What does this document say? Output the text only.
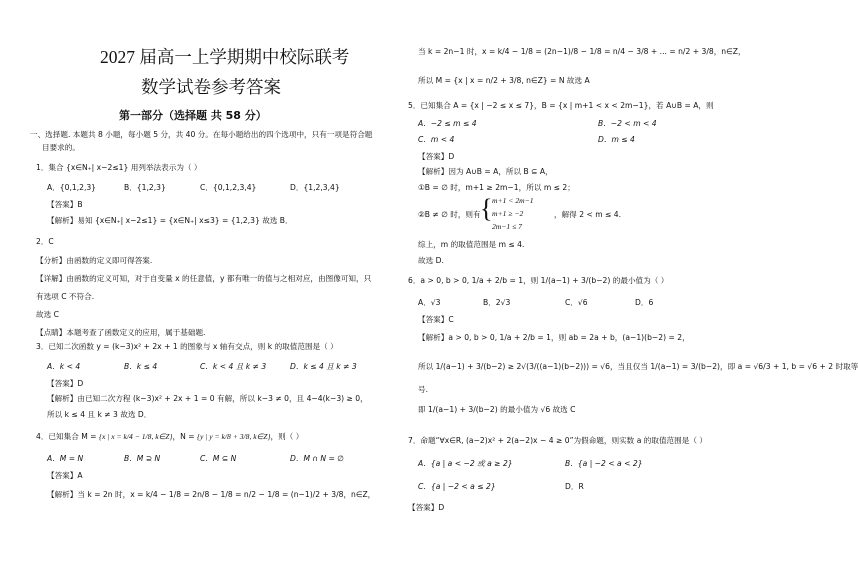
2027 届高一上学期期中校际联考
数学试卷参考答案
第一部分（选择题 共 58 分）
一、选择题. 本题共 8 小题，每小题 5 分，共 40 分。在每小题给出的四个选项中，只有一项是符合题
目要求的。
1．集合 {x∈N₊| x−2≤1} 用列举法表示为（ ）
A．{0,1,2,3}	B．{1,2,3}	C．{0,1,2,3,4}	D．{1,2,3,4}
【答案】B
【解析】易知 {x∈N₊| x−2≤1} = {x∈N₊| x≤3} = {1,2,3} 故选 B．
2．C
【分析】由函数的定义即可得答案.
【详解】由函数的定义可知，对于自变量 x 的任意值，y 都有唯一的值与之相对应，由图像可知，只
有选项 C 不符合.
故选 C
【点睛】本题考查了函数定义的应用，属于基础题.
3．已知二次函数 y = (k−3)x² + 2x + 1 的图象与 x 轴有交点，则 k 的取值范围是（ ）
A．k < 4	B．k ≤ 4	C．k < 4 且 k ≠ 3	D．k ≤ 4 且 k ≠ 3
【答案】D
【解析】由已知二次方程 (k−3)x² + 2x + 1 = 0 有解，所以 k−3 ≠ 0，且 4−4(k−3) ≥ 0，
所以 k ≤ 4 且 k ≠ 3 故选 D．
4．已知集合 M = {x | x = k/4 − 1/8, k∈Z}，N = {y | y = k/8 + 3/8, k∈Z}，则（ ）
A．M = N	B．M ⊇ N	C．M ⊆ N	D．M ∩ N = ∅
【答案】A
【解析】当 k = 2n 时，x = k/4 − 1/8 = 2n/8 − 1/8 = n/2 − 1/8 = (n−1)/2 + 3/8，n∈Z，
当 k = 2n−1 时，x = k/4 − 1/8 = (2n−1)/8 − 1/8 = n/4 − 3/8 + ... = n/2 + 3/8，n∈Z，
所以 M = {x | x = n/2 + 3/8, n∈Z} = N 故选 A
5．已知集合 A = {x | −2 ≤ x ≤ 7}，B = {x | m+1 < x < 2m−1}，若 A∪B = A，则
A．−2 ≤ m ≤ 4	B．−2 < m < 4
C．m < 4	D．m ≤ 4
【答案】D
【解析】因为 A∪B = A，所以 B ⊆ A，
①B = ∅ 时，m+1 ≥ 2m−1，所以 m ≤ 2；
②B ≠ ∅ 时，则有 { m+1 < 2m−1
m+1 ≥ −2
2m−1 ≤ 7
，解得 2 < m ≤ 4.
综上，m 的取值范围是 m ≤ 4.
故选 D.
6．a > 0, b > 0, 1/a + 2/b = 1，则 1/(a−1) + 3/(b−2) 的最小值为（ ）
A．√3	B．2√3	C．√6	D．6
【答案】C
【解析】a > 0, b > 0, 1/a + 2/b = 1，则 ab = 2a + b，(a−1)(b−2) = 2，
所以 1/(a−1) + 3/(b−2) ≥ 2√(3/((a−1)(b−2))) = √6，当且仅当 1/(a−1) = 3/(b−2)，即 a = √6/3 + 1, b = √6 + 2 时取等
号.
即 1/(a−1) + 3/(b−2) 的最小值为 √6 故选 C
7．命题“∀x∈R, (a−2)x² + 2(a−2)x − 4 ≥ 0”为假命题，则实数 a 的取值范围是（ ）
A．{a | a < −2 或 a ≥ 2}	B．{a | −2 < a < 2}
C．{a | −2 < a ≤ 2}	D．R
【答案】D
